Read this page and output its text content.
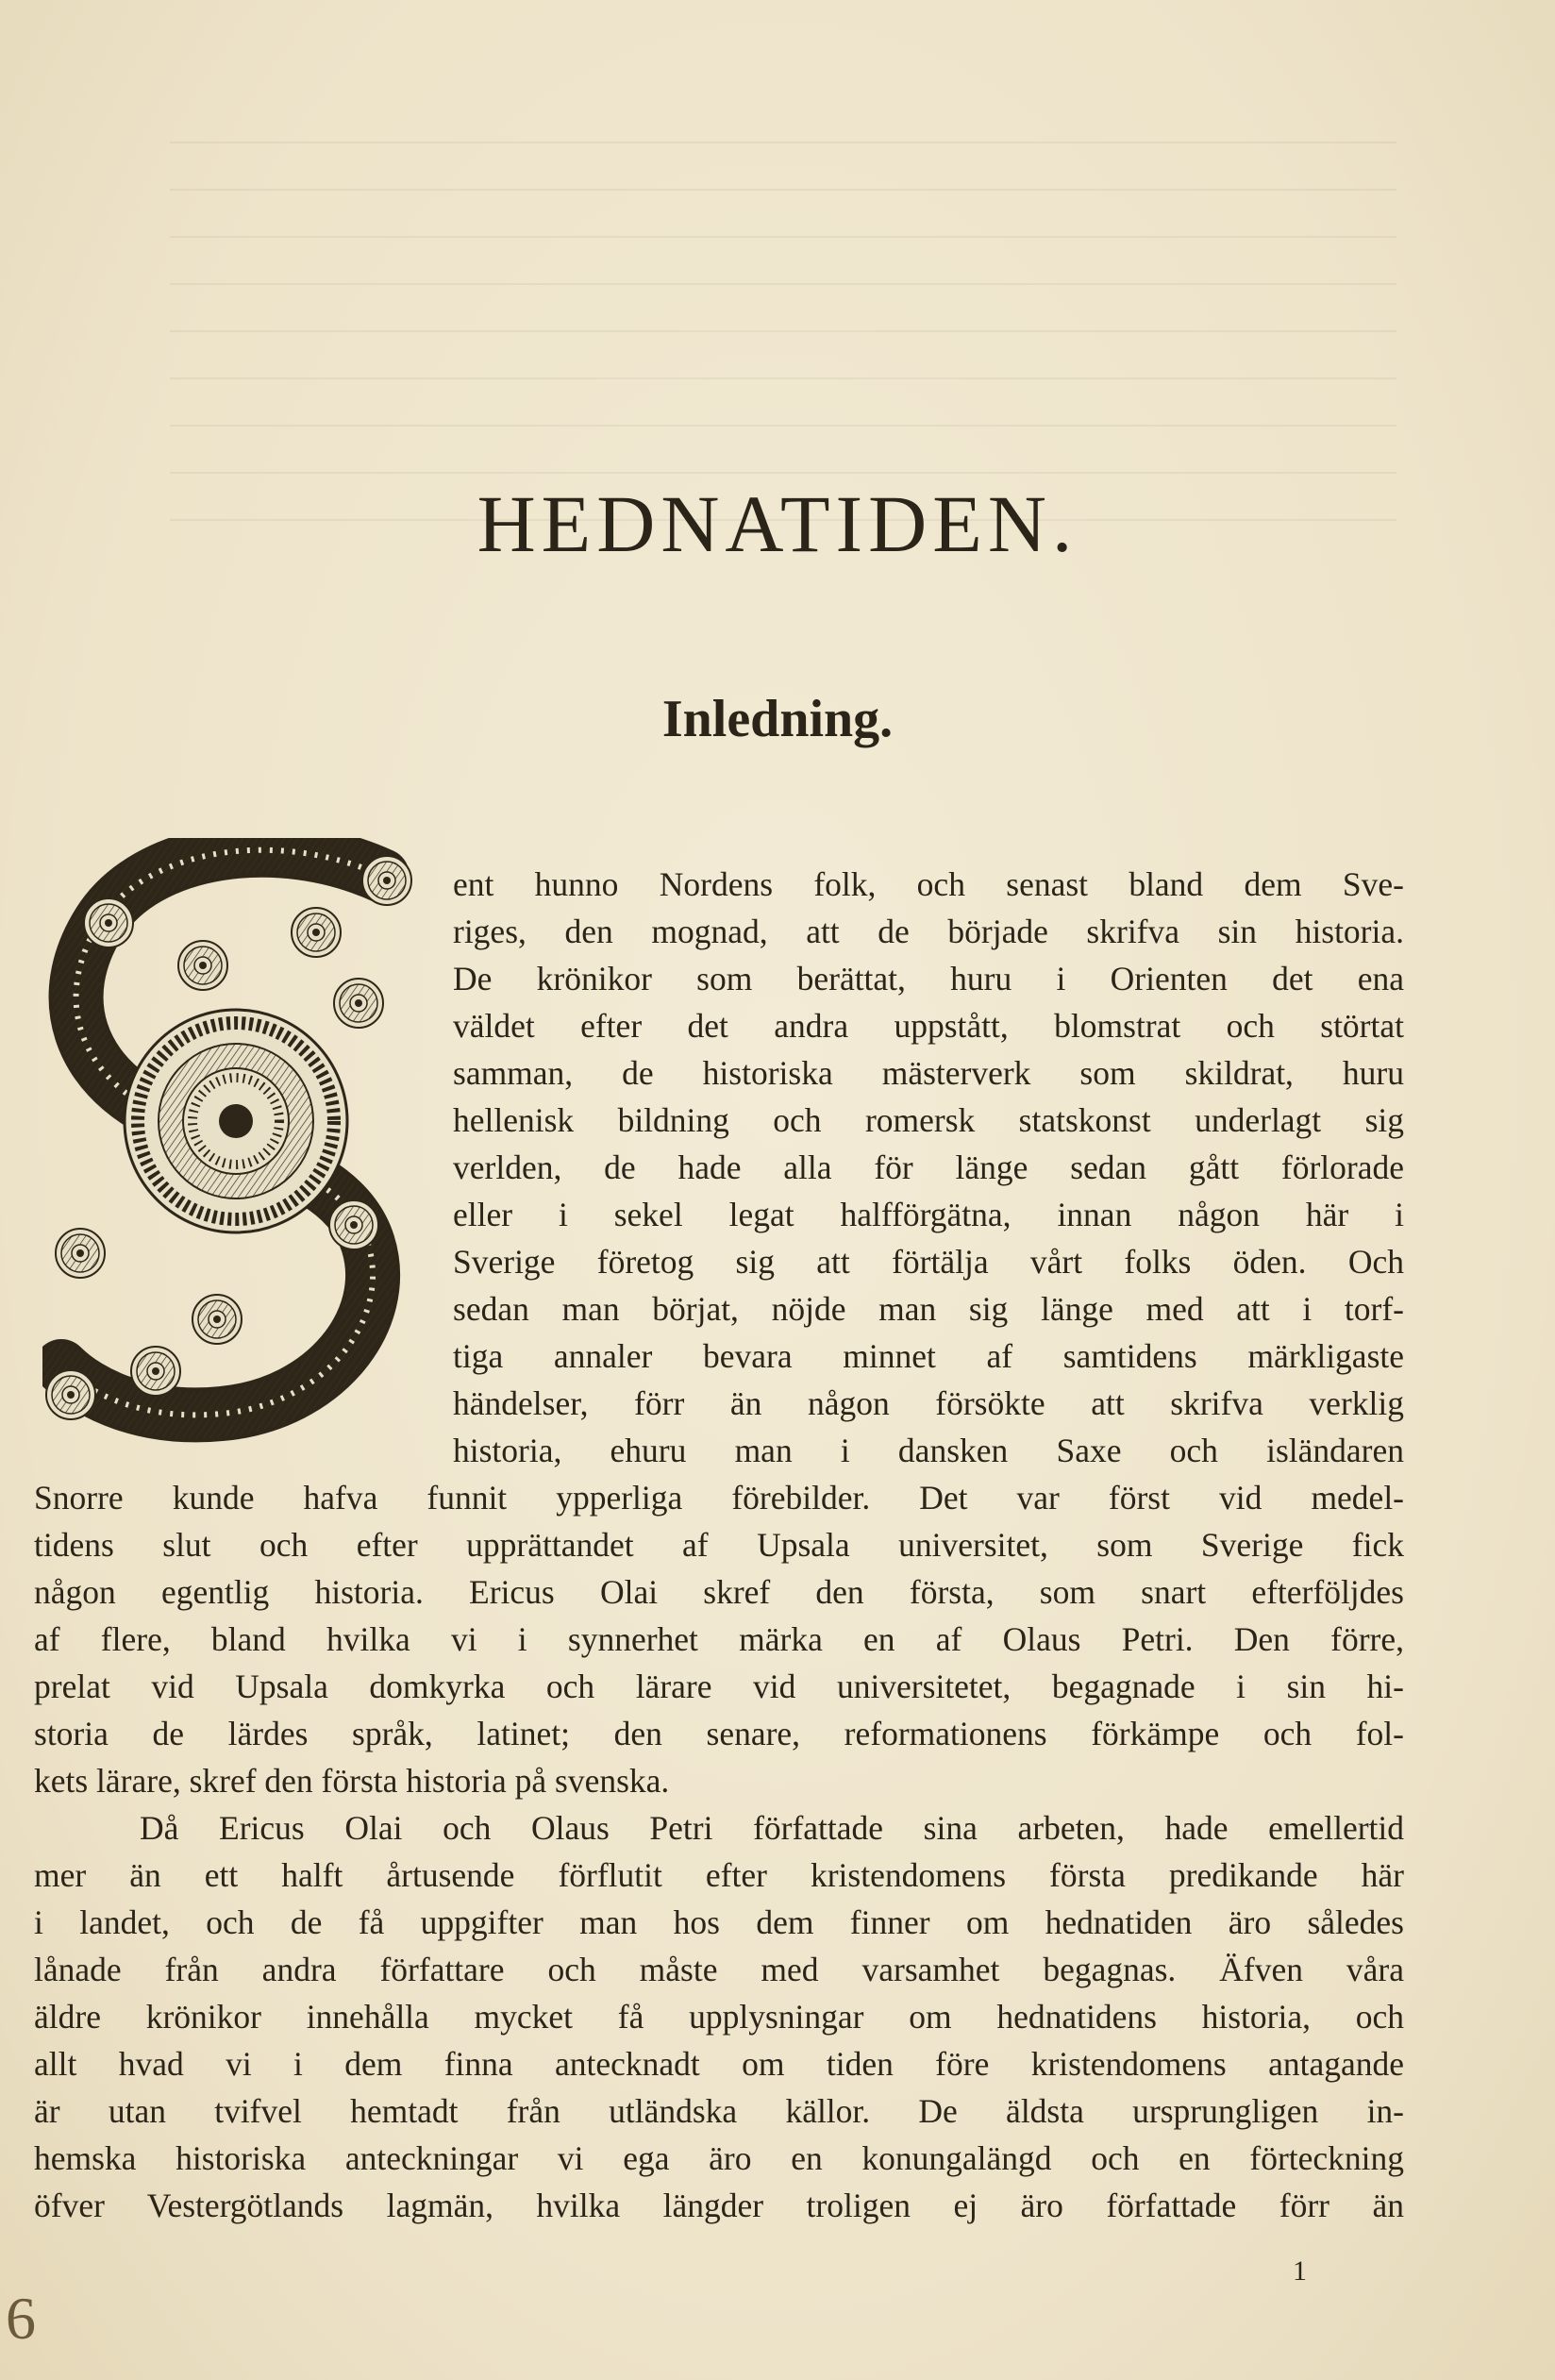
HEDNATIDEN.
Inledning.

ent hunno Nordens folk, och senast bland dem Sve-
riges, den mognad, att de började skrifva sin historia.
De krönikor som berättat, huru i Orienten det ena
väldet efter det andra uppstått, blomstrat och störtat
samman, de historiska mästerverk som skildrat, huru
hellenisk bildning och romersk statskonst underlagt sig
verlden, de hade alla för länge sedan gått förlorade
eller i sekel legat halfförgätna, innan någon här i
Sverige företog sig att förtälja vårt folks öden. Och
sedan man börjat, nöjde man sig länge med att i torf-
tiga annaler bevara minnet af samtidens märkligaste
händelser, förr än någon försökte att skrifva verklig
historia, ehuru man i dansken Saxe och isländaren

Snorre kunde hafva funnit ypperliga förebilder. Det var först vid medel-
tidens slut och efter upprättandet af Upsala universitet, som Sverige fick
någon egentlig historia. Ericus Olai skref den första, som snart efterföljdes
af flere, bland hvilka vi i synnerhet märka en af Olaus Petri. Den förre,
prelat vid Upsala domkyrka och lärare vid universitetet, begagnade i sin hi-
storia de lärdes språk, latinet; den senare, reformationens förkämpe och fol-
kets lärare, skref den första historia på svenska.

Då Ericus Olai och Olaus Petri författade sina arbeten, hade emellertid
mer än ett halft årtusende förflutit efter kristendomens första predikande här
i landet, och de få uppgifter man hos dem finner om hednatiden äro således
lånade från andra författare och måste med varsamhet begagnas. Äfven våra
äldre krönikor innehålla mycket få upplysningar om hednatidens historia, och
allt hvad vi i dem finna antecknadt om tiden före kristendomens antagande
är utan tvifvel hemtadt från utländska källor. De äldsta ursprungligen in-
hemska historiska anteckningar vi ega äro en konungalängd och en förteckning
öfver Vestergötlands lagmän, hvilka längder troligen ej äro författade förr än

1
6
